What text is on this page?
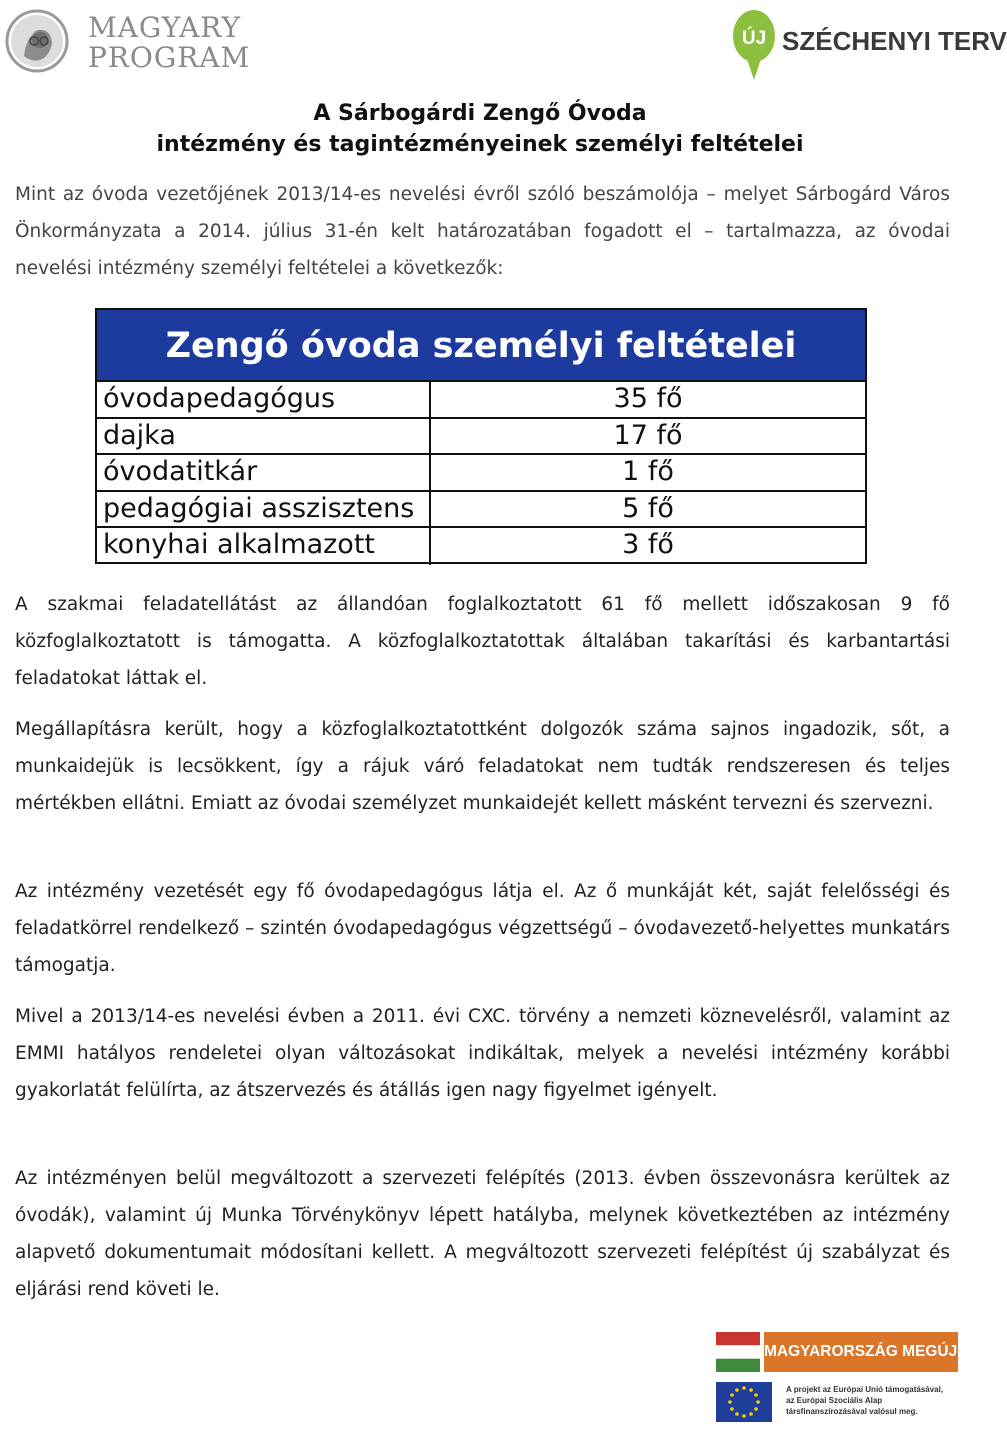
MAGYARY
PROGRAM
ÚJ SZÉCHENYI TERV
A Sárbogárdi Zengő Óvoda
intézmény és tagintézményeinek személyi feltételei
Mint az óvoda vezetőjének 2013/14-es nevelési évről szóló beszámolója – melyet Sárbogárd Város Önkormányzata a 2014. július 31-én kelt határozatában fogadott el – tartalmazza, az óvodai nevelési intézmény személyi feltételei a következők:
Zengő óvoda személyi feltételei
óvodapedagógus	35 fő
dajka	17 fő
óvodatitkár	1 fő
pedagógiai asszisztens	5 fő
konyhai alkalmazott	3 fő
A szakmai feladatellátást az állandóan foglalkoztatott 61 fő mellett időszakosan 9 fő közfoglalkoztatott is támogatta. A közfoglalkoztatottak általában takarítási és karbantartási feladatokat láttak el.
Megállapításra került, hogy a közfoglalkoztatottként dolgozók száma sajnos ingadozik, sőt, a munkaidejük is lecsökkent, így a rájuk váró feladatokat nem tudták rendszeresen és teljes mértékben ellátni. Emiatt az óvodai személyzet munkaidejét kellett másként tervezni és szervezni.
Az intézmény vezetését egy fő óvodapedagógus látja el. Az ő munkáját két, saját felelősségi és feladatkörrel rendelkező – szintén óvodapedagógus végzettségű – óvodavezető-helyettes munkatárs támogatja.
Mivel a 2013/14-es nevelési évben a 2011. évi CXC. törvény a nemzeti köznevelésről, valamint az EMMI hatályos rendeletei olyan változásokat indikáltak, melyek a nevelési intézmény korábbi gyakorlatát felülírta, az átszervezés és átállás igen nagy figyelmet igényelt.
Az intézményen belül megváltozott a szervezeti felépítés (2013. évben összevonásra kerültek az óvodák), valamint új Munka Törvénykönyv lépett hatályba, melynek következtében az intézmény alapvető dokumentumait módosítani kellett. A megváltozott szervezeti felépítést új szabályzat és eljárási rend követi le.
MAGYARORSZÁG MEGÚJUL
A projekt az Európai Unió támogatásával,
az Európai Szociális Alap
társfinanszírozásával valósul meg.
